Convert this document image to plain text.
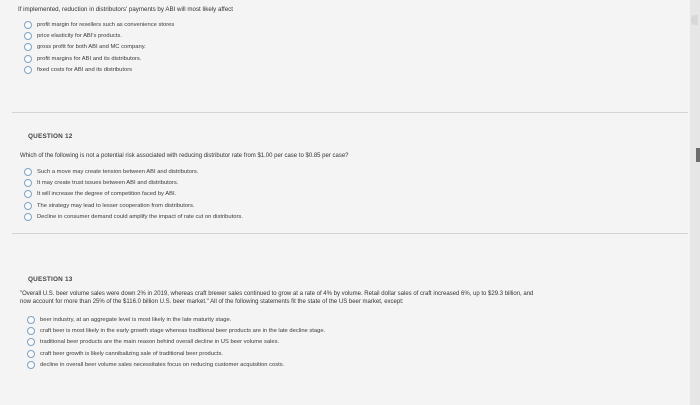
If implemented, reduction in distributors' payments by ABI will most likely affect
profit margin for resellers such as convenience stores
price elasticity for ABI's products.
gross profit for both ABI and MC company.
profit margins for ABI and its distributors.
fixed costs for ABI and its distributors
QUESTION 12
Which of the following is not a potential risk associated with reducing distributor rate from $1.00 per case to $0.85 per case?
Such a move may create tension between ABI and distributors.
It may create trust issues between ABI and distributors.
It will increase the degree of competition faced by ABI.
The strategy may lead to lesser cooperation from distributors.
Decline in consumer demand could amplify the impact of rate cut on distributors.
QUESTION 13
"Overall U.S. beer volume sales were down 2% in 2019, whereas craft brewer sales continued to grow at a rate of 4% by volume. Retail dollar sales of craft increased 6%, up to $29.3 billion, and
now account for more than 25% of the $116.0 billion U.S. beer market." All of the following statements fit the state of the US beer market, except:
beer industry, at an aggregate level is most likely in the late maturity stage.
craft beer is most likely in the early growth stage whereas traditional beer products are in the late decline stage.
traditional beer products are the main reason behind overall decline in US beer volume sales.
craft beer growth is likely cannibalizing sale of traditional beer products.
decline in overall beer volume sales necessitates focus on reducing customer acquisition costs.
